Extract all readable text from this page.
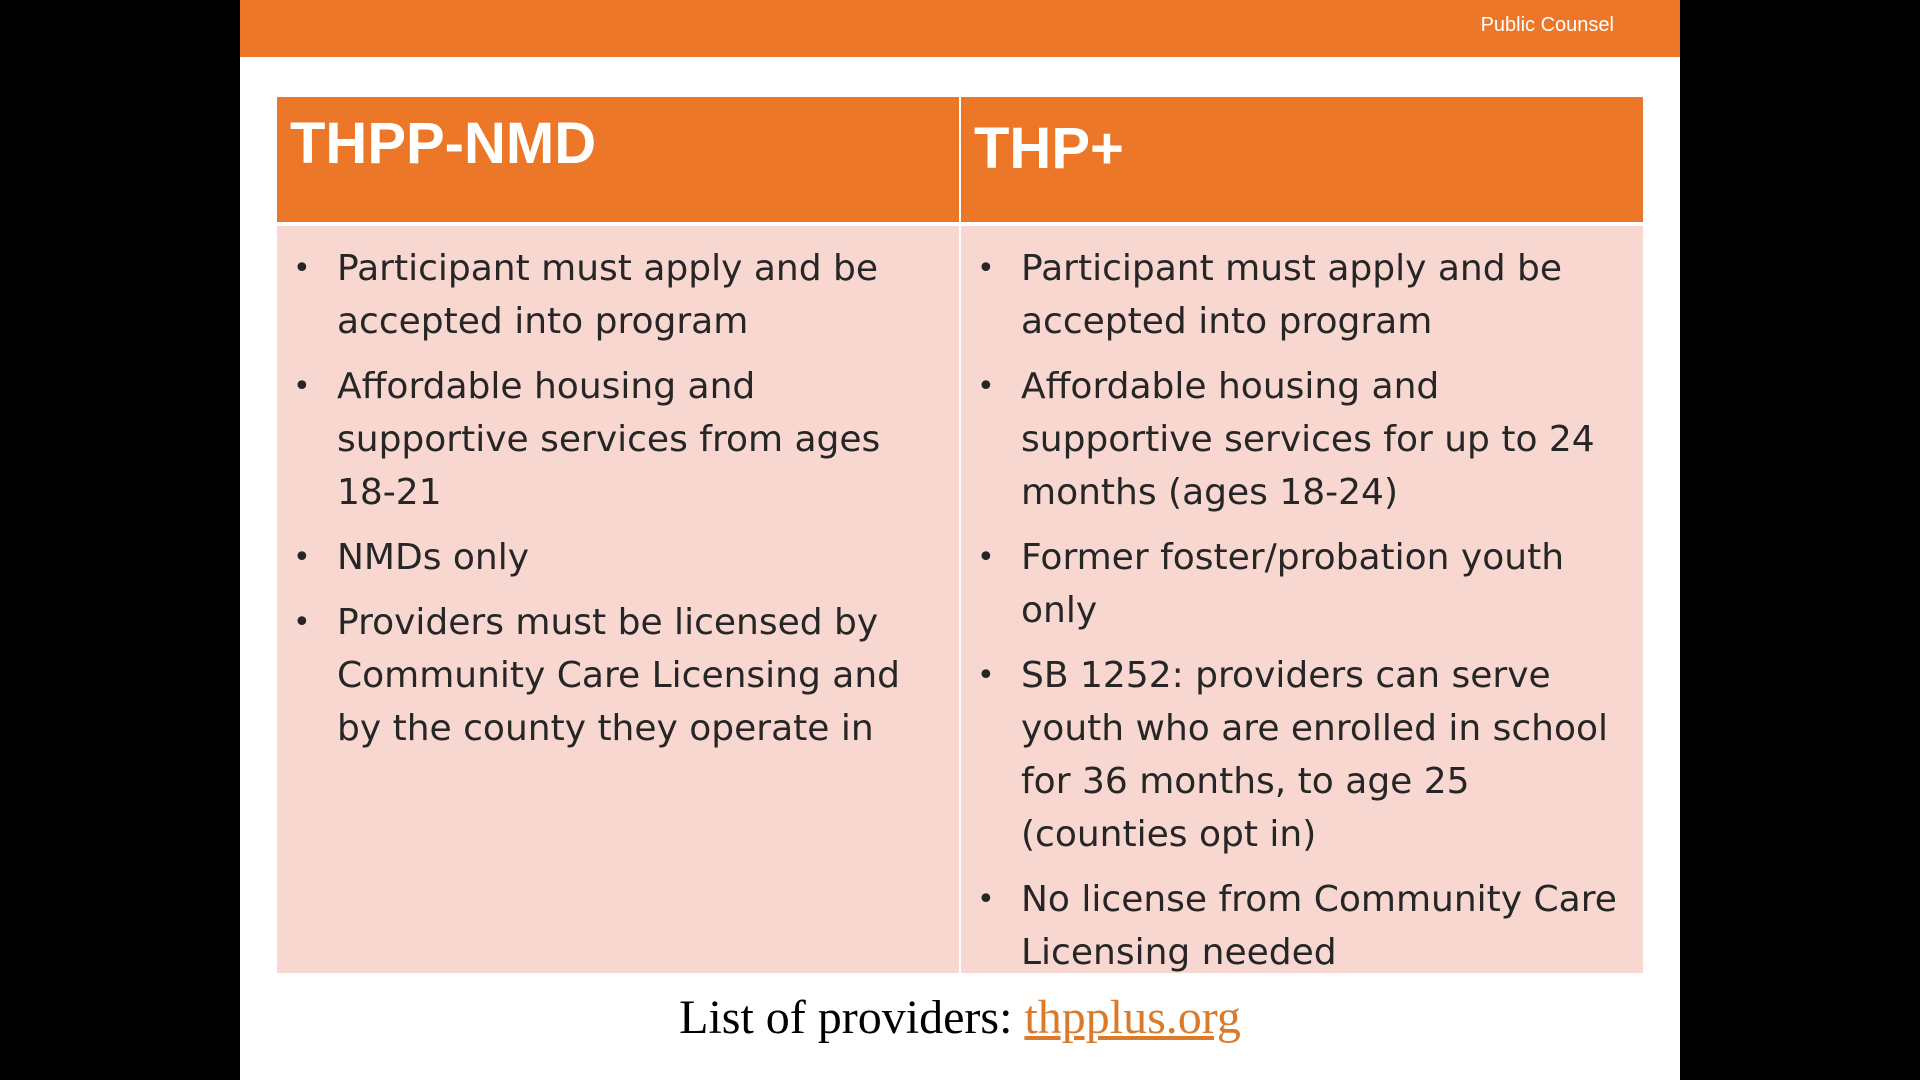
Public Counsel
THPP-NMD	THP+
• Participant must apply and be accepted into program
• Affordable housing and supportive services from ages 18-21
• NMDs only
• Providers must be licensed by Community Care Licensing and by the county they operate in
• Participant must apply and be accepted into program
• Affordable housing and supportive services for up to 24 months (ages 18-24)
• Former foster/probation youth only
• SB 1252: providers can serve youth who are enrolled in school for 36 months, to age 25 (counties opt in)
• No license from Community Care Licensing needed
List of providers: thpplus.org
